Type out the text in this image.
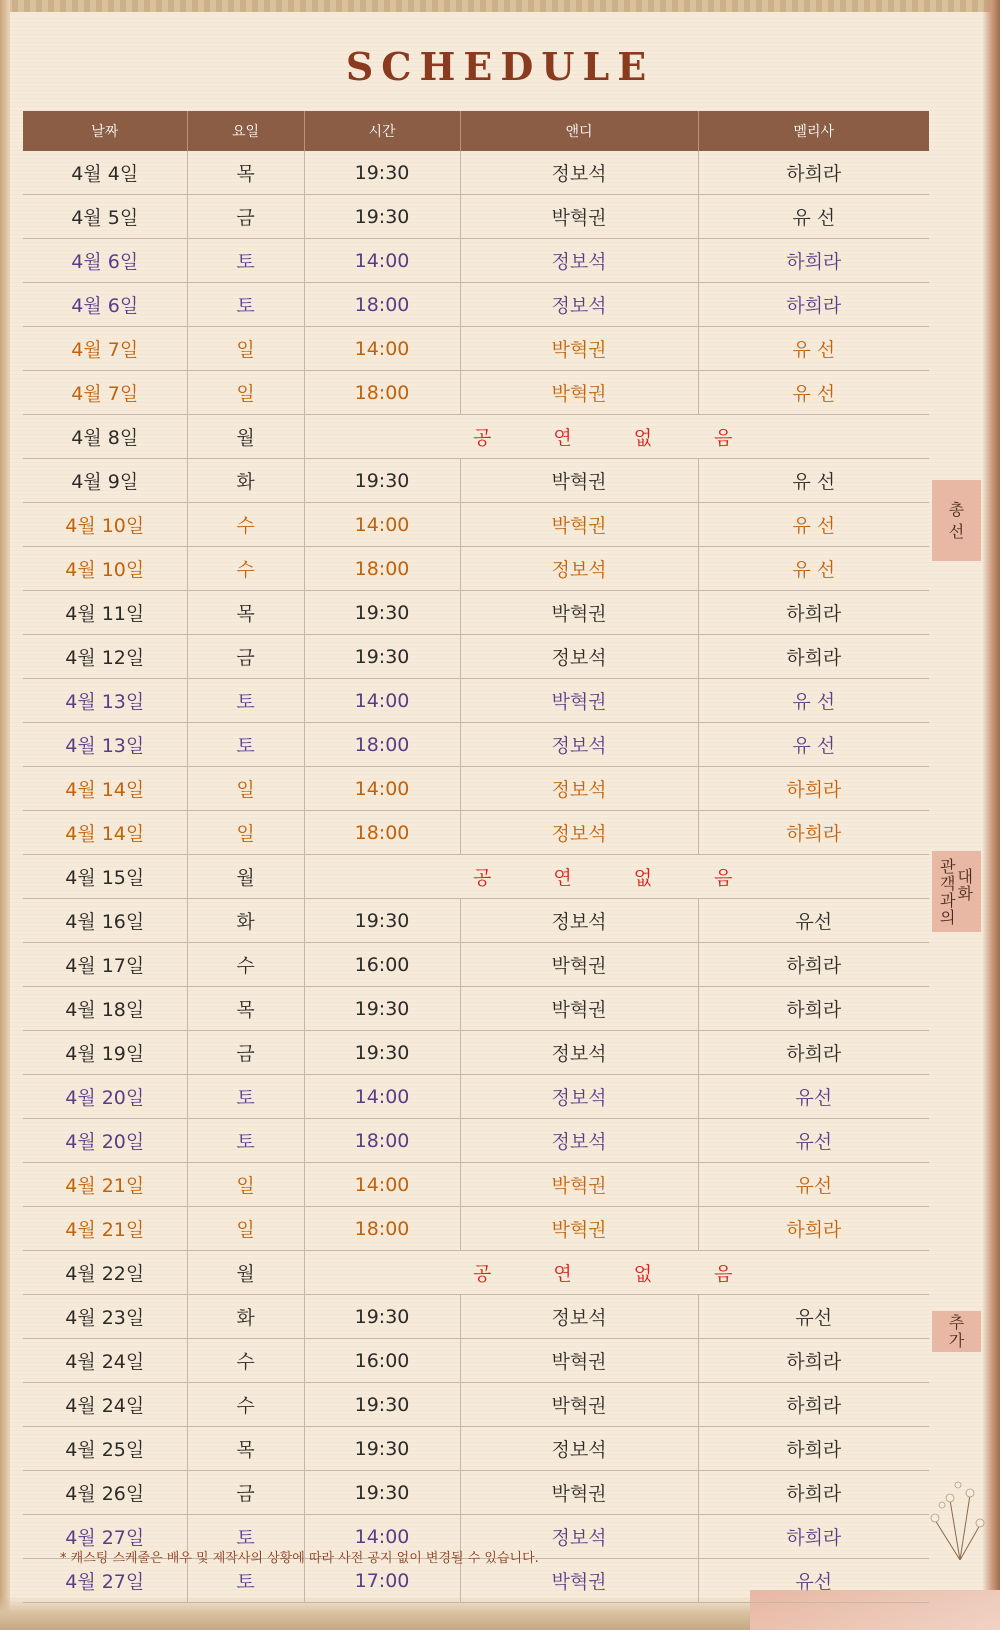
SCHEDULE
날짜	요일	시간	앤디	멜리사
4월 4일	목	19:30	정보석	하희라
4월 5일	금	19:30	박혁권	유 선
4월 6일	토	14:00	정보석	하희라
4월 6일	토	18:00	정보석	하희라
4월 7일	일	14:00	박혁권	유 선
4월 7일	일	18:00	박혁권	유 선
4월 8일	월	공 연 없 음		
4월 9일	화	19:30	박혁권	유 선
4월 10일	수	14:00	박혁권	유 선
4월 10일	수	18:00	정보석	유 선
4월 11일	목	19:30	박혁권	하희라
4월 12일	금	19:30	정보석	하희라
4월 13일	토	14:00	박혁권	유 선
4월 13일	토	18:00	정보석	유 선
4월 14일	일	14:00	정보석	하희라
4월 14일	일	18:00	정보석	하희라
4월 15일	월	공 연 없 음		
4월 16일	화	19:30	정보석	유선
4월 17일	수	16:00	박혁권	하희라
4월 18일	목	19:30	박혁권	하희라
4월 19일	금	19:30	정보석	하희라
4월 20일	토	14:00	정보석	유선
4월 20일	토	18:00	정보석	유선
4월 21일	일	14:00	박혁권	유선
4월 21일	일	18:00	박혁권	하희라
4월 22일	월	공 연 없 음		
4월 23일	화	19:30	정보석	유선
4월 24일	수	16:00	박혁권	하희라
4월 24일	수	19:30	박혁권	하희라
4월 25일	목	19:30	정보석	하희라
4월 26일	금	19:30	박혁권	하희라
4월 27일	토	14:00	정보석	하희라
4월 27일	토	17:00	박혁권	유선
총
선
대
화
관
객
과
의
추
가
* 캐스팅 스케줄은 배우 및 제작사의 상황에 따라 사전 공지 없이 변경될 수 있습니다.
